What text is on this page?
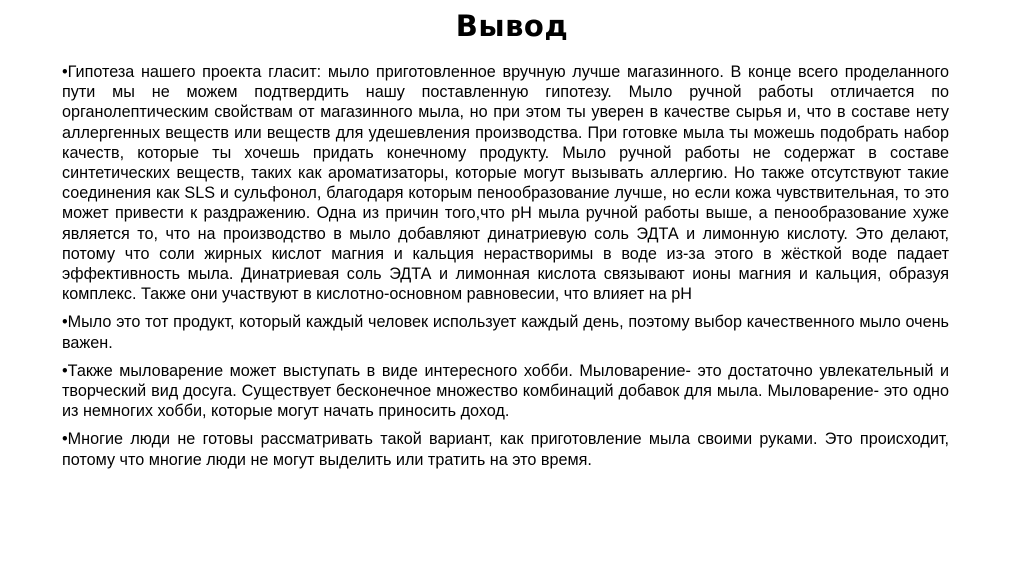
Вывод

•Гипотеза нашего проекта гласит: мыло приготовленное вручную лучше магазинного. В конце всего проделанного пути мы не можем подтвердить нашу поставленную гипотезу. Мыло ручной работы отличается по органолептическим свойствам от магазинного мыла, но при этом ты уверен в качестве сырья и, что в составе нету аллергенных веществ или веществ для удешевления производства. При готовке мыла ты можешь подобрать набор качеств, которые ты хочешь придать конечному продукту. Мыло ручной работы не содержат в составе синтетических веществ, таких как ароматизаторы, которые могут вызывать аллергию. Но также отсутствуют такие соединения как SLS и сульфонол, благодаря которым пенообразование лучше, но если кожа чувствительная, то это может привести к раздражению. Одна из причин того,что pH мыла ручной работы выше, а пенообразование хуже является то, что на производство в мыло добавляют динатриевую соль ЭДТА и лимонную кислоту. Это делают, потому что соли жирных кислот магния и кальция нерастворимы в воде из-за этого в жёсткой воде падает эффективность мыла. Динатриевая соль ЭДТА и лимонная кислота связывают ионы магния и кальция, образуя комплекс. Также они участвуют в кислотно-основном равновесии, что влияет на pH

•Мыло это тот продукт, который каждый человек использует каждый день, поэтому выбор качественного мыло очень важен.

•Также мыловарение может выступать в виде интересного хобби. Мыловарение- это достаточно увлекательный и творческий вид досуга. Существует бесконечное множество комбинаций добавок для мыла. Мыловарение- это одно из немногих хобби, которые могут начать приносить доход.

•Многие люди не готовы рассматривать такой вариант, как приготовление мыла своими руками. Это происходит, потому что многие люди не могут выделить или тратить на это время.
